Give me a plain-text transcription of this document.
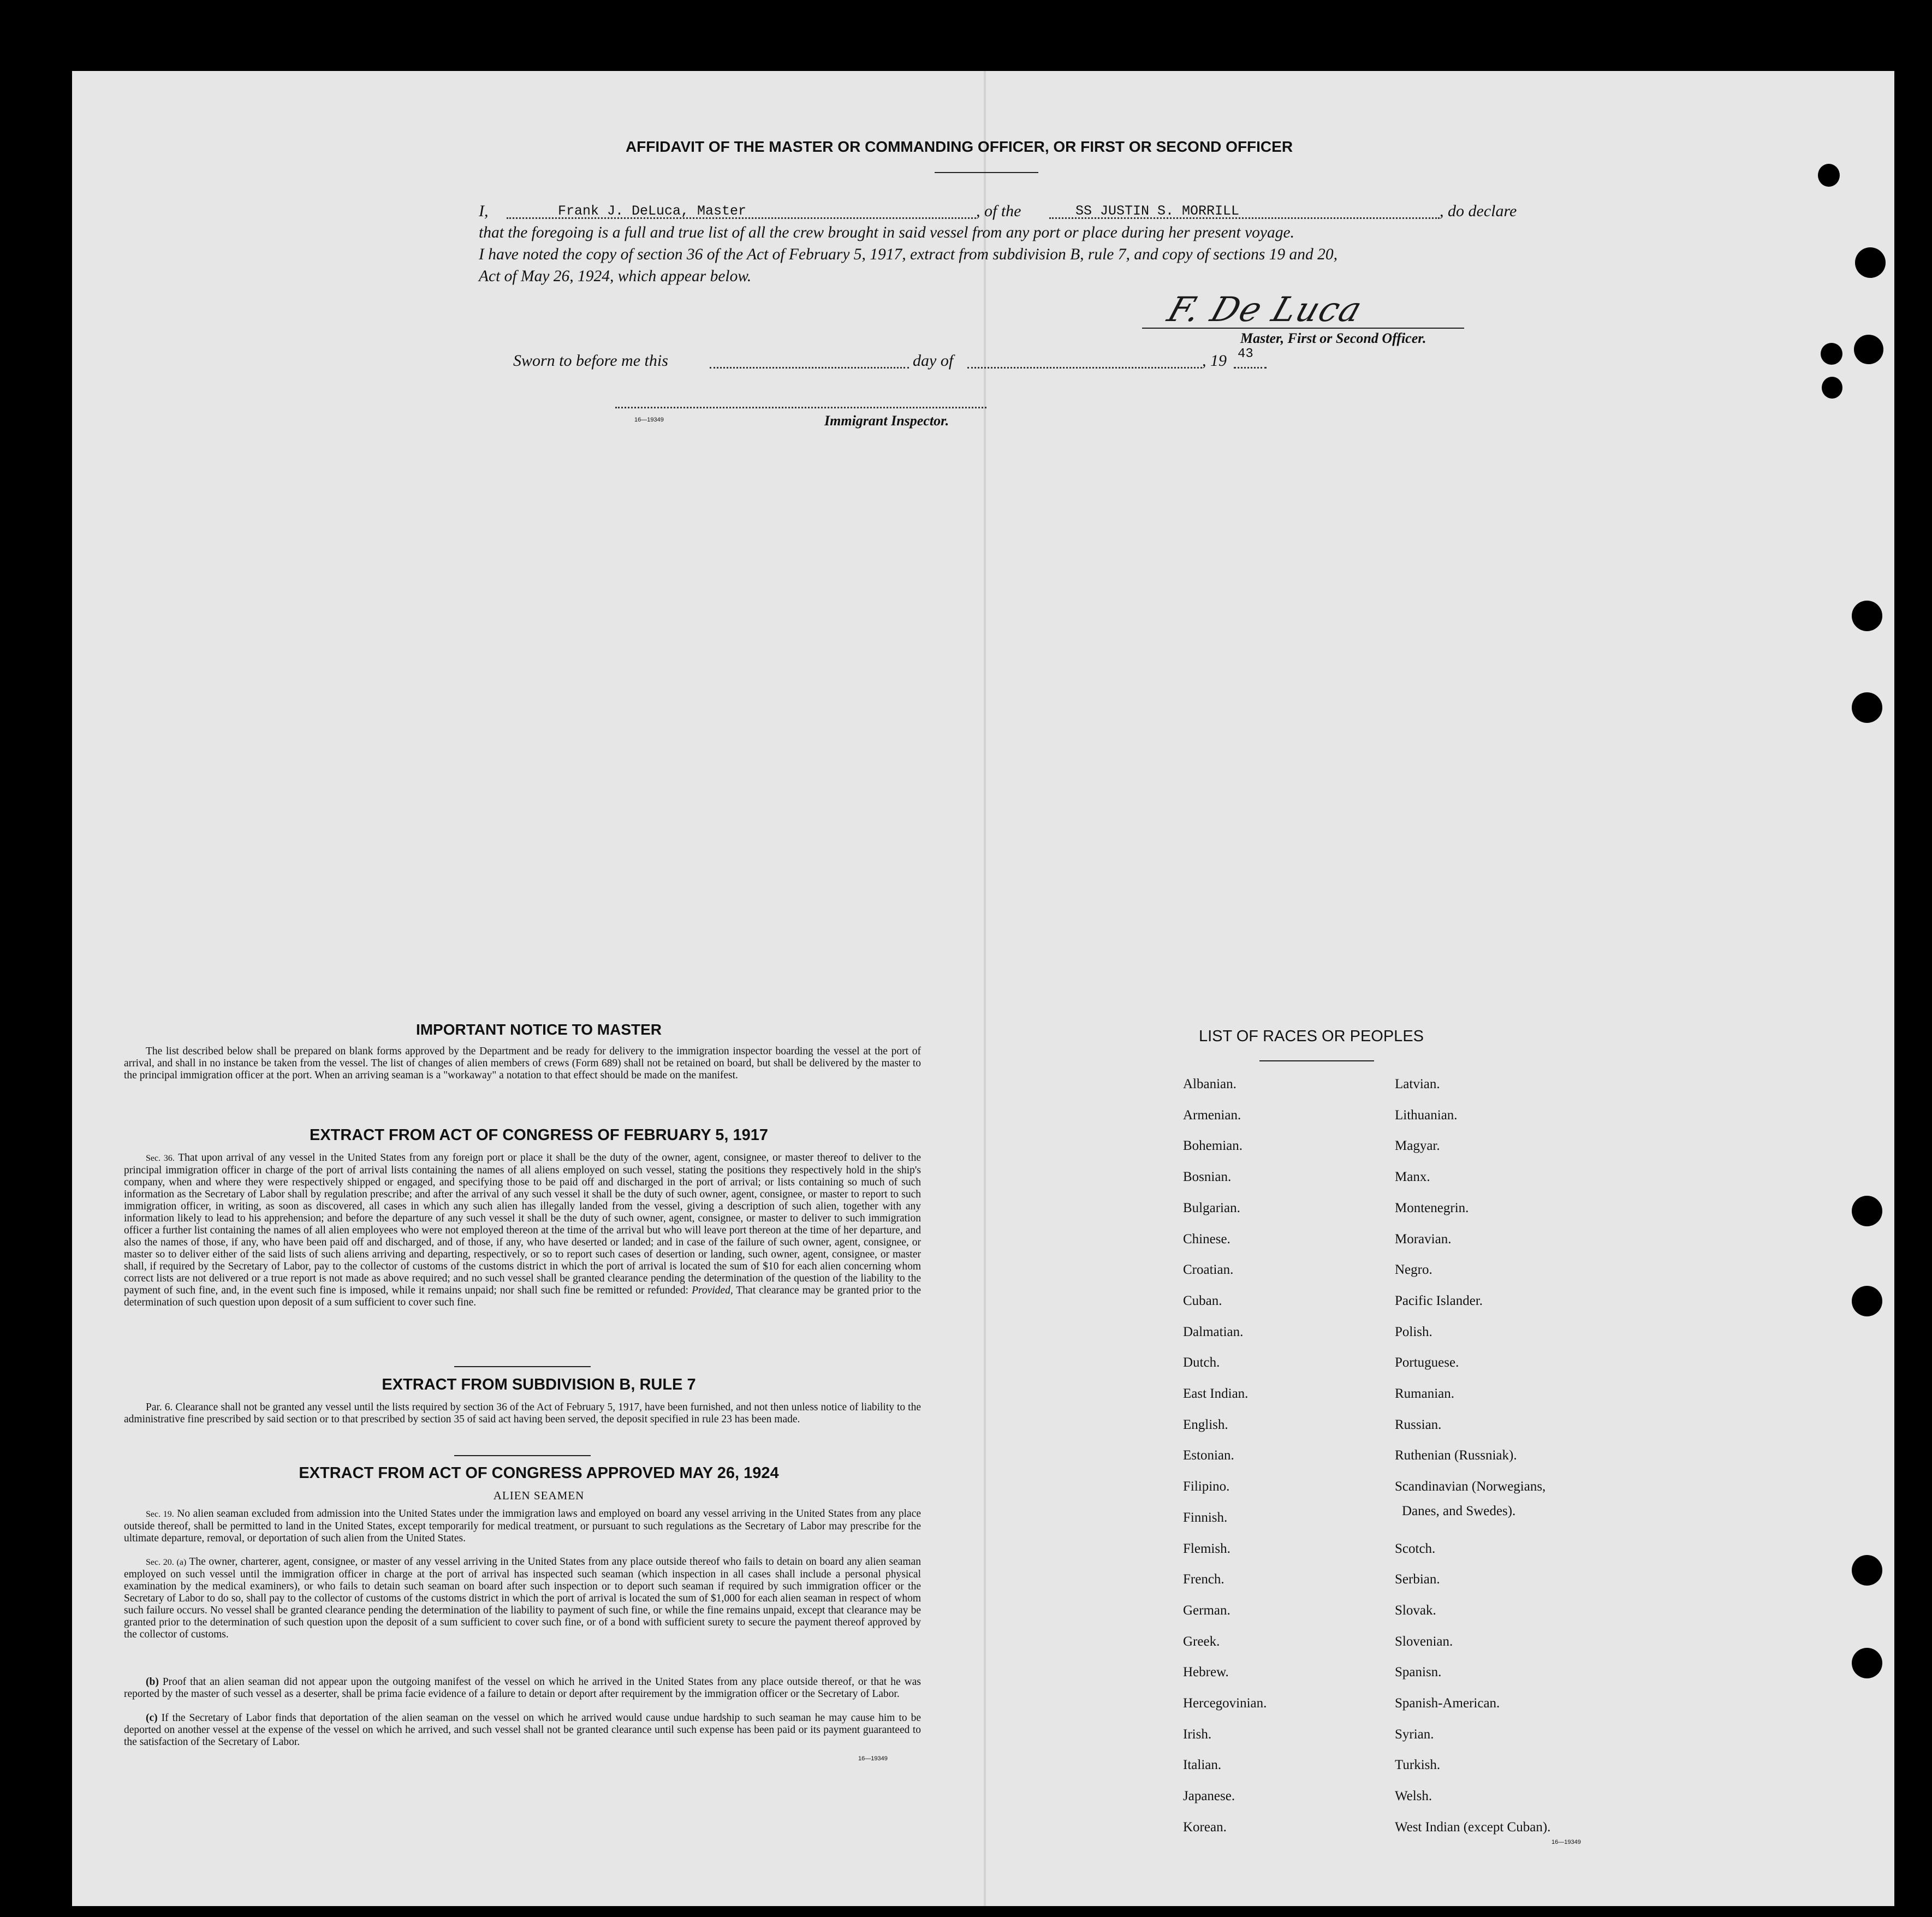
AFFIDAVIT OF THE MASTER OR COMMANDING OFFICER, OR FIRST OR SECOND OFFICER
I,	Frank J. DeLuca, Master	, of the	SS JUSTIN S. MORRILL	, do declare
that the foregoing is a full and true list of all the crew brought in said vessel from any port or place during her present voyage.
I have noted the copy of section 36 of the Act of February 5, 1917, extract from subdivision B, rule 7, and copy of sections 19 and 20,
Act of May 26, 1924, which appear below.
F. De Luca
Master, First or Second Officer.
Sworn to before me this	day of	, 19 43
16—19349	Immigrant Inspector.
IMPORTANT NOTICE TO MASTER
The list described below shall be prepared on blank forms approved by the Department and be ready for delivery to the immigration inspector boarding the vessel at the port of arrival, and shall in no instance be taken from the vessel. The list of changes of alien members of crews (Form 689) shall not be retained on board, but shall be delivered by the master to the principal immigration officer at the port. When an arriving seaman is a "workaway" a notation to that effect should be made on the manifest.
EXTRACT FROM ACT OF CONGRESS OF FEBRUARY 5, 1917
Sec. 36. That upon arrival of any vessel in the United States from any foreign port or place it shall be the duty of the owner, agent, consignee, or master thereof to deliver to the principal immigration officer in charge of the port of arrival lists containing the names of all aliens employed on such vessel, stating the positions they respectively hold in the ship's company, when and where they were respectively shipped or engaged, and specifying those to be paid off and discharged in the port of arrival; or lists containing so much of such information as the Secretary of Labor shall by regulation prescribe; and after the arrival of any such vessel it shall be the duty of such owner, agent, consignee, or master to report to such immigration officer, in writing, as soon as discovered, all cases in which any such alien has illegally landed from the vessel, giving a description of such alien, together with any information likely to lead to his apprehension; and before the departure of any such vessel it shall be the duty of such owner, agent, consignee, or master to deliver to such immigration officer a further list containing the names of all alien employees who were not employed thereon at the time of the arrival but who will leave port thereon at the time of her departure, and also the names of those, if any, who have been paid off and discharged, and of those, if any, who have deserted or landed; and in case of the failure of such owner, agent, consignee, or master so to deliver either of the said lists of such aliens arriving and departing, respectively, or so to report such cases of desertion or landing, such owner, agent, consignee, or master shall, if required by the Secretary of Labor, pay to the collector of customs of the customs district in which the port of arrival is located the sum of $10 for each alien concerning whom correct lists are not delivered or a true report is not made as above required; and no such vessel shall be granted clearance pending the determination of the question of the liability to the payment of such fine, and, in the event such fine is imposed, while it remains unpaid; nor shall such fine be remitted or refunded: Provided, That clearance may be granted prior to the determination of such question upon deposit of a sum sufficient to cover such fine.
EXTRACT FROM SUBDIVISION B, RULE 7
Par. 6. Clearance shall not be granted any vessel until the lists required by section 36 of the Act of February 5, 1917, have been furnished, and not then unless notice of liability to the administrative fine prescribed by said section or to that prescribed by section 35 of said act having been served, the deposit specified in rule 23 has been made.
EXTRACT FROM ACT OF CONGRESS APPROVED MAY 26, 1924
ALIEN SEAMEN
Sec. 19. No alien seaman excluded from admission into the United States under the immigration laws and employed on board any vessel arriving in the United States from any place outside thereof, shall be permitted to land in the United States, except temporarily for medical treatment, or pursuant to such regulations as the Secretary of Labor may prescribe for the ultimate departure, removal, or deportation of such alien from the United States.
Sec. 20. (a) The owner, charterer, agent, consignee, or master of any vessel arriving in the United States from any place outside thereof who fails to detain on board any alien seaman employed on such vessel until the immigration officer in charge at the port of arrival has inspected such seaman (which inspection in all cases shall include a personal physical examination by the medical examiners), or who fails to detain such seaman on board after such inspection or to deport such seaman if required by such immigration officer or the Secretary of Labor to do so, shall pay to the collector of customs of the customs district in which the port of arrival is located the sum of $1,000 for each alien seaman in respect of whom such failure occurs. No vessel shall be granted clearance pending the determination of the liability to payment of such fine, or while the fine remains unpaid, except that clearance may be granted prior to the determination of such question upon the deposit of a sum sufficient to cover such fine, or of a bond with sufficient surety to secure the payment thereof approved by the collector of customs.
(b) Proof that an alien seaman did not appear upon the outgoing manifest of the vessel on which he arrived in the United States from any place outside thereof, or that he was reported by the master of such vessel as a deserter, shall be prima facie evidence of a failure to detain or deport after requirement by the immigration officer or the Secretary of Labor.
(c) If the Secretary of Labor finds that deportation of the alien seaman on the vessel on which he arrived would cause undue hardship to such seaman he may cause him to be deported on another vessel at the expense of the vessel on which he arrived, and such vessel shall not be granted clearance until such expense has been paid or its payment guaranteed to the satisfaction of the Secretary of Labor.
16—19349
LIST OF RACES OR PEOPLES
Albanian.
Armenian.
Bohemian.
Bosnian.
Bulgarian.
Chinese.
Croatian.
Cuban.
Dalmatian.
Dutch.
East Indian.
English.
Estonian.
Filipino.
Finnish.
Flemish.
French.
German.
Greek.
Hebrew.
Hercegovinian.
Irish.
Italian.
Japanese.
Korean.
Latvian.
Lithuanian.
Magyar.
Manx.
Montenegrin.
Moravian.
Negro.
Pacific Islander.
Polish.
Portuguese.
Rumanian.
Russian.
Ruthenian (Russniak).
Scandinavian (Norwegians,
Scotch.
Serbian.
Slovak.
Slovenian.
Spanisn.
Spanish-American.
Syrian.
Turkish.
Welsh.
West Indian (except Cuban).
Danes, and Swedes).
16—19349
